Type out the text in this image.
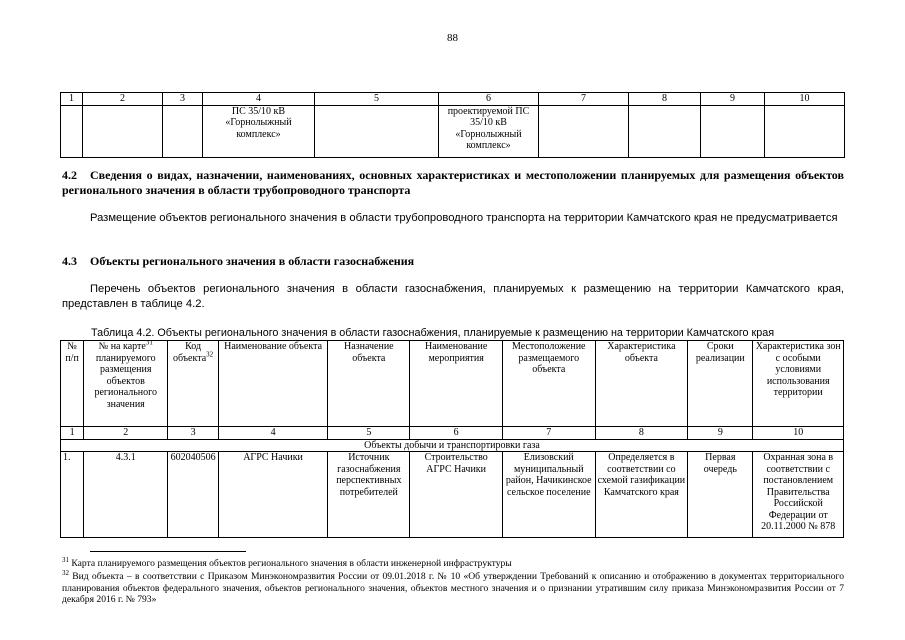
88
1	2	3	4	5	6	7	8	9	10
			ПС 35/10 кВ «Горнолыжный комплекс»		проектируемой ПС 35/10 кВ «Горнолыжный комплекс»				
4.2 Сведения о видах, назначении, наименованиях, основных характеристиках и местоположении планируемых для размещения объектов регионального значения в области трубопроводного транспорта
Размещение объектов регионального значения в области трубопроводного транспорта на территории Камчатского края не предусматривается
4.3 Объекты регионального значения в области газоснабжения
Перечень объектов регионального значения в области газоснабжения, планируемых к размещению на территории Камчатского края, представлен в таблице 4.2.
Таблица 4.2. Объекты регионального значения в области газоснабжения, планируемые к размещению на территории Камчатского края
№ п/п	№ на карте$^{31}$ планируемого размещения объектов регионального значения	Код объекта$^{32}$	Наименование объекта	Назначение объекта	Наименование мероприятия	Местоположение размещаемого объекта	Характеристика объекта	Сроки реализации	Характеристика зон с особыми условиями использования территории
1	2	3	4	5	6	7	8	9	10
Объекты добычи и транспортировки газа									
1.	4.3.1	602040506	АГРС Начики	Источник газоснабжения перспективных потребителей	Строительство АГРС Начики	Елизовский муниципальный район, Начикинское сельское поселение	Определяется в соответствии со схемой газификации Камчатского края	Первая очередь	Охранная зона в соответствии с постановлением Правительства Российской Федерации от 20.11.2000 № 878
$^{31}$ Карта планируемого размещения объектов регионального значения в области инженерной инфраструктуры
$^{32}$ Вид объекта – в соответствии с Приказом Минэкономразвития России от 09.01.2018 г. № 10 «Об утверждении Требований к описанию и отображению в документах территориального планирования объектов федерального значения, объектов регионального значения, объектов местного значения и о признании утратившим силу приказа Минэкономразвития России от 7 декабря 2016 г. № 793»
